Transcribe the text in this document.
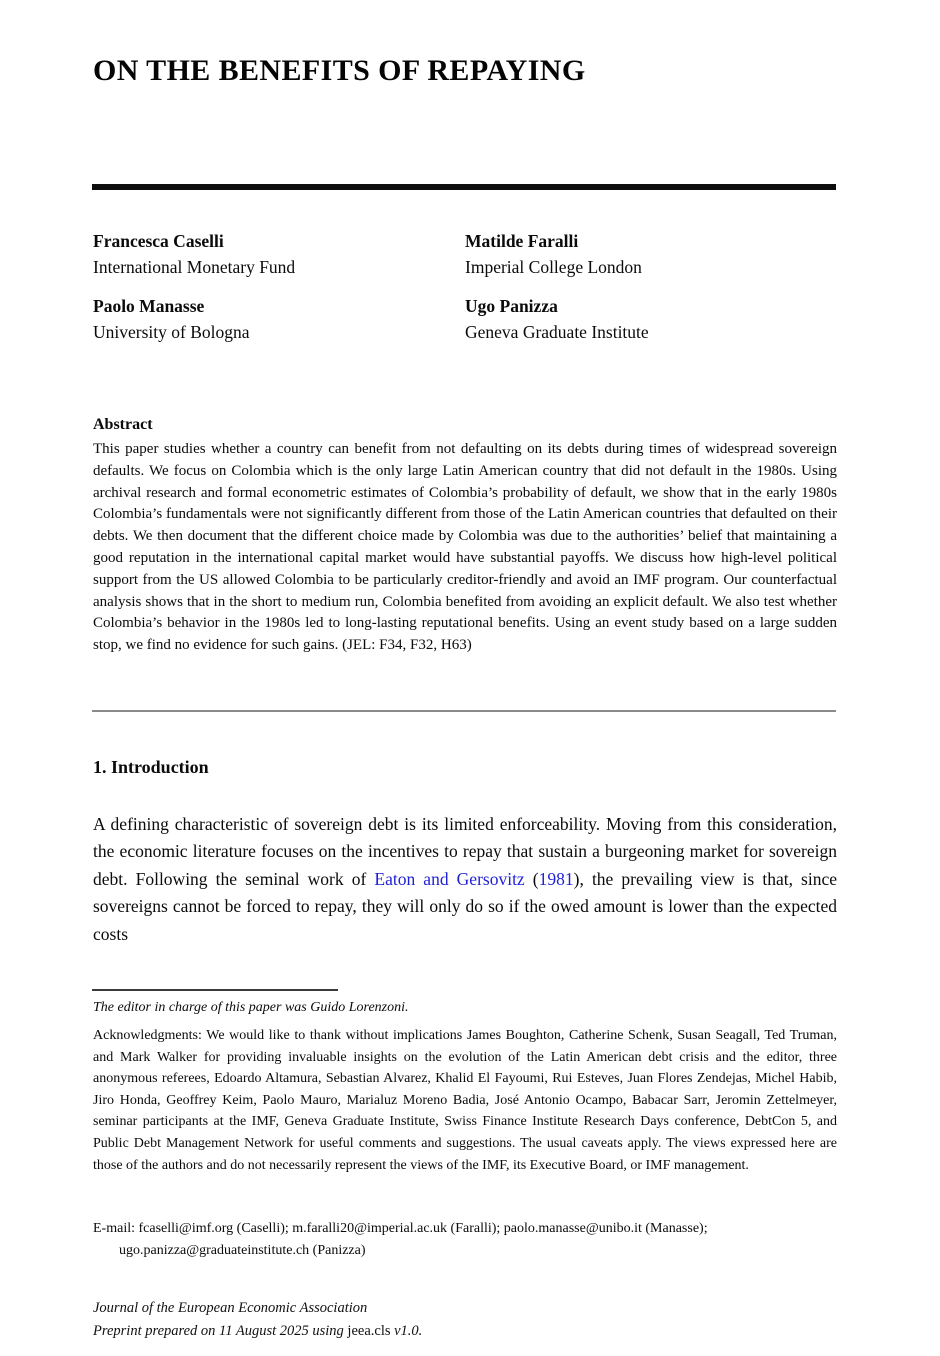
ON THE BENEFITS OF REPAYING
Francesca Caselli
International Monetary Fund
Matilde Faralli
Imperial College London
Paolo Manasse
University of Bologna
Ugo Panizza
Geneva Graduate Institute
Abstract
This paper studies whether a country can benefit from not defaulting on its debts during times of widespread sovereign defaults. We focus on Colombia which is the only large Latin American country that did not default in the 1980s. Using archival research and formal econometric estimates of Colombia’s probability of default, we show that in the early 1980s Colombia’s fundamentals were not significantly different from those of the Latin American countries that defaulted on their debts. We then document that the different choice made by Colombia was due to the authorities’ belief that maintaining a good reputation in the international capital market would have substantial payoffs. We discuss how high-level political support from the US allowed Colombia to be particularly creditor-friendly and avoid an IMF program. Our counterfactual analysis shows that in the short to medium run, Colombia benefited from avoiding an explicit default. We also test whether Colombia’s behavior in the 1980s led to long-lasting reputational benefits. Using an event study based on a large sudden stop, we find no evidence for such gains. (JEL: F34, F32, H63)
1. Introduction
A defining characteristic of sovereign debt is its limited enforceability. Moving from this consideration, the economic literature focuses on the incentives to repay that sustain a burgeoning market for sovereign debt. Following the seminal work of Eaton and Gersovitz (1981), the prevailing view is that, since sovereigns cannot be forced to repay, they will only do so if the owed amount is lower than the expected costs
The editor in charge of this paper was Guido Lorenzoni.
Acknowledgments: We would like to thank without implications James Boughton, Catherine Schenk, Susan Seagall, Ted Truman, and Mark Walker for providing invaluable insights on the evolution of the Latin American debt crisis and the editor, three anonymous referees, Edoardo Altamura, Sebastian Alvarez, Khalid El Fayoumi, Rui Esteves, Juan Flores Zendejas, Michel Habib, Jiro Honda, Geoffrey Keim, Paolo Mauro, Marialuz Moreno Badia, José Antonio Ocampo, Babacar Sarr, Jeromin Zettelmeyer, seminar participants at the IMF, Geneva Graduate Institute, Swiss Finance Institute Research Days conference, DebtCon 5, and Public Debt Management Network for useful comments and suggestions. The usual caveats apply. The views expressed here are those of the authors and do not necessarily represent the views of the IMF, its Executive Board, or IMF management.
E-mail: fcaselli@imf.org (Caselli); m.faralli20@imperial.ac.uk (Faralli); paolo.manasse@unibo.it (Manasse); ugo.panizza@graduateinstitute.ch (Panizza)
Journal of the European Economic Association
Preprint prepared on 11 August 2025 using jeea.cls v1.0.
